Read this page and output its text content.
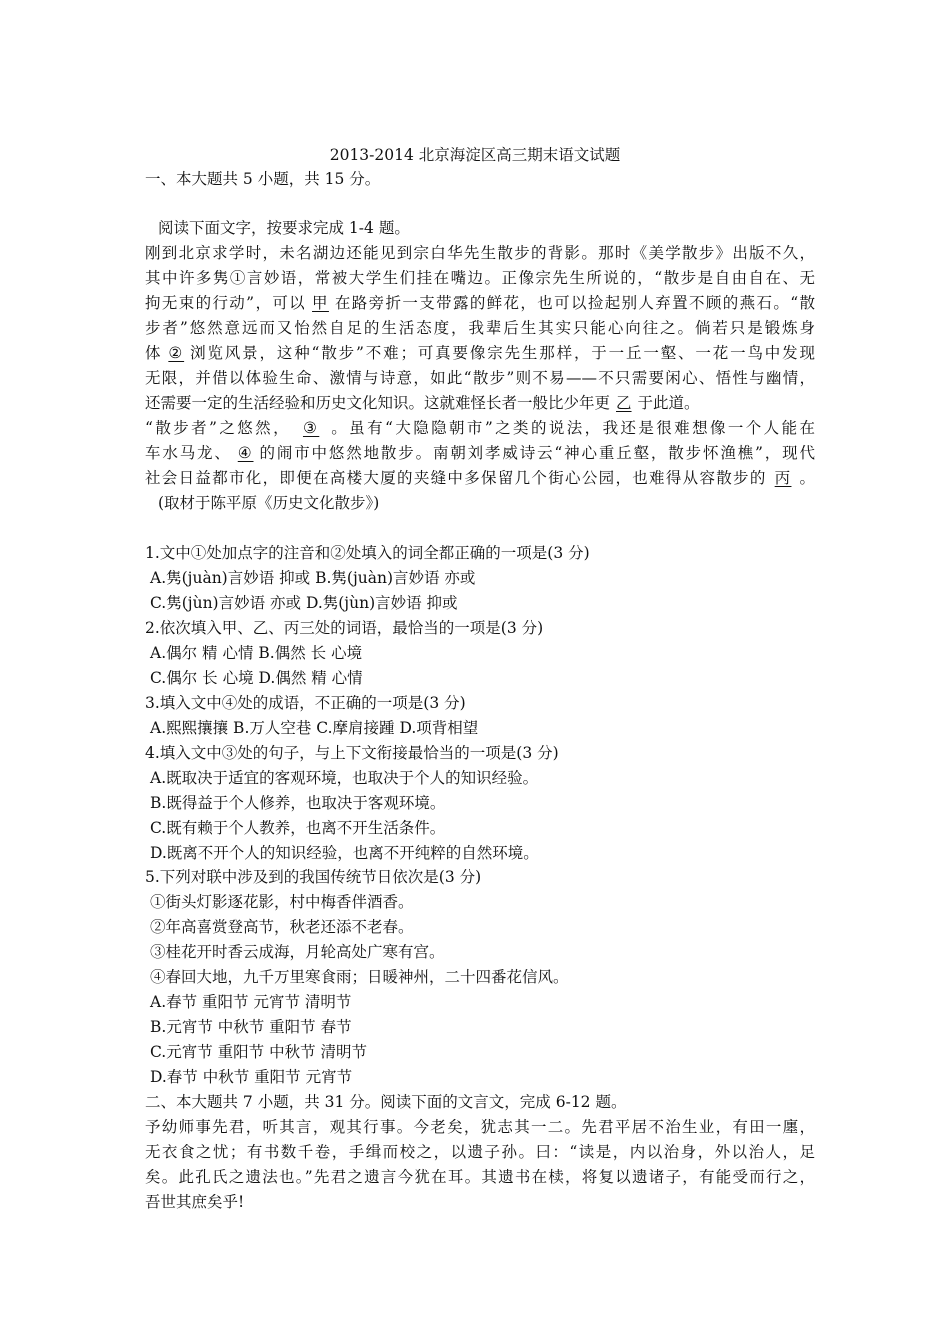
2013-2014 北京海淀区高三期末语文试题
一、本大题共 5 小题，共 15 分。
阅读下面文字，按要求完成 1-4 题。
刚到北京求学时，未名湖边还能见到宗白华先生散步的背影。那时《美学散步》出版不久，
其中许多隽①言妙语，常被大学生们挂在嘴边。正像宗先生所说的，“散步是自由自在、无
拘无束的行动”，可以 甲 在路旁折一支带露的鲜花，也可以捡起别人弃置不顾的燕石。“散
步者”悠然意远而又怡然自足的生活态度，我辈后生其实只能心向往之。倘若只是锻炼身
体 ② 浏览风景，这种“散步”不难；可真要像宗先生那样，于一丘一壑、一花一鸟中发现
无限，并借以体验生命、激情与诗意，如此“散步”则不易——不只需要闲心、悟性与幽情，
还需要一定的生活经验和历史文化知识。这就难怪长者一般比少年更 乙 于此道。
“散步者”之悠然， ③ 。虽有“大隐隐朝市”之类的说法，我还是很难想像一个人能在
车水马龙、 ④ 的闹市中悠然地散步。南朝刘孝威诗云“神心重丘壑，散步怀渔樵”，现代
社会日益都市化，即便在高楼大厦的夹缝中多保留几个街心公园，也难得从容散步的 丙 。
(取材于陈平原《历史文化散步》)
1.文中①处加点字的注音和②处填入的词全都正确的一项是(3 分)
A.隽(juàn)言妙语 抑或 B.隽(juàn)言妙语 亦或
C.隽(jùn)言妙语 亦或 D.隽(jùn)言妙语 抑或
2.依次填入甲、乙、丙三处的词语，最恰当的一项是(3 分)
A.偶尔 精 心情 B.偶然 长 心境
C.偶尔 长 心境 D.偶然 精 心情
3.填入文中④处的成语，不正确的一项是(3 分)
A.熙熙攘攘 B.万人空巷 C.摩肩接踵 D.项背相望
4.填入文中③处的句子，与上下文衔接最恰当的一项是(3 分)
A.既取决于适宜的客观环境，也取决于个人的知识经验。
B.既得益于个人修养，也取决于客观环境。
C.既有赖于个人教养，也离不开生活条件。
D.既离不开个人的知识经验，也离不开纯粹的自然环境。
5.下列对联中涉及到的我国传统节日依次是(3 分)
①街头灯影逐花影，村中梅香伴酒香。
②年高喜赏登高节，秋老还添不老春。
③桂花开时香云成海，月轮高处广寒有宫。
④春回大地，九千万里寒食雨；日暖神州，二十四番花信风。
A.春节 重阳节 元宵节 清明节
B.元宵节 中秋节 重阳节 春节
C.元宵节 重阳节 中秋节 清明节
D.春节 中秋节 重阳节 元宵节
二、本大题共 7 小题，共 31 分。阅读下面的文言文，完成 6-12 题。
予幼师事先君，听其言，观其行事。今老矣，犹志其一二。先君平居不治生业，有田一廛，
无衣食之忧；有书数千卷，手缉而校之，以遗子孙。曰：“读是，内以治身，外以治人，足
矣。此孔氏之遗法也。”先君之遗言今犹在耳。其遗书在椟，将复以遗诸子，有能受而行之，
吾世其庶矣乎!
